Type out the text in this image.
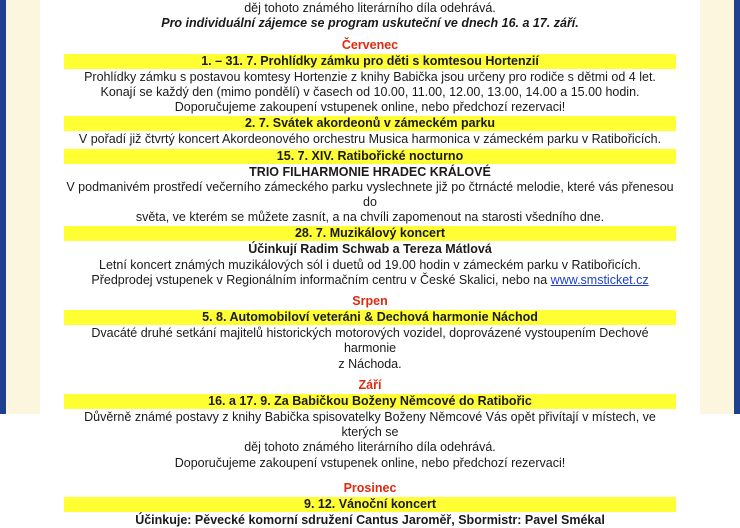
děj tohoto známého literárního díla odehrává.

Pro individuální zájemce se program uskuteční ve dnech 16. a 17. září.

Červenec
1. – 31. 7. Prohlídky zámku pro děti s komtesou Hortenzií

Prohlídky zámku s postavou komtesy Hortenzie z knihy Babička jsou určeny pro rodiče s dětmi od 4 let.

Konají se každý den (mimo pondělí) v časech od 10.00, 11.00, 12.00, 13.00, 14.00 a 15.00 hodin.

Doporučujeme zakoupení vstupenek online, nebo předchozí rezervaci!

2. 7. Svátek akordeonů v zámeckém parku

V pořadí již čtvrtý koncert Akordeonového orchestru Musica harmonica v zámeckém parku v Ratibořicích.

15. 7. XIV. Ratibořické nocturno

TRIO FILHARMONIE HRADEC KRÁLOVÉ

V podmanivém prostředí večerního zámeckého parku vyslechnete již po čtrnácté melodie, které vás přenesou do

světa, ve kterém se můžete zasnít, a na chvíli zapomenout na starosti všedního dne.

28. 7. Muzikálový koncert

Účinkují Radim Schwab a Tereza Mátlová

Letní koncert známých muzikálových sól i duetů od 19.00 hodin v zámeckém parku v Ratibořicích.

Předprodej vstupenek v Regionálním informačním centru v České Skalici, nebo na www.smsticket.cz

Srpen
5. 8. Automobiloví veteráni & Dechová harmonie Náchod

Dvacáté druhé setkání majitelů historických motorových vozidel, doprovázené vystoupením Dechové harmonie

z Náchoda.

Září
16. a 17. 9. Za Babičkou Boženy Němcové do Ratibořic

Důvěrně známé postavy z knihy Babička spisovatelky Boženy Němcové Vás opět přivítají v místech, ve kterých se

děj tohoto známého literárního díla odehrává.

Doporučujeme zakoupení vstupenek online, nebo předchozí rezervaci!

Prosinec
9. 12. Vánoční koncert

Účinkuje: Pěvecké komorní sdružení Cantus Jaroměř, Sbormistr: Pavel Smékal
